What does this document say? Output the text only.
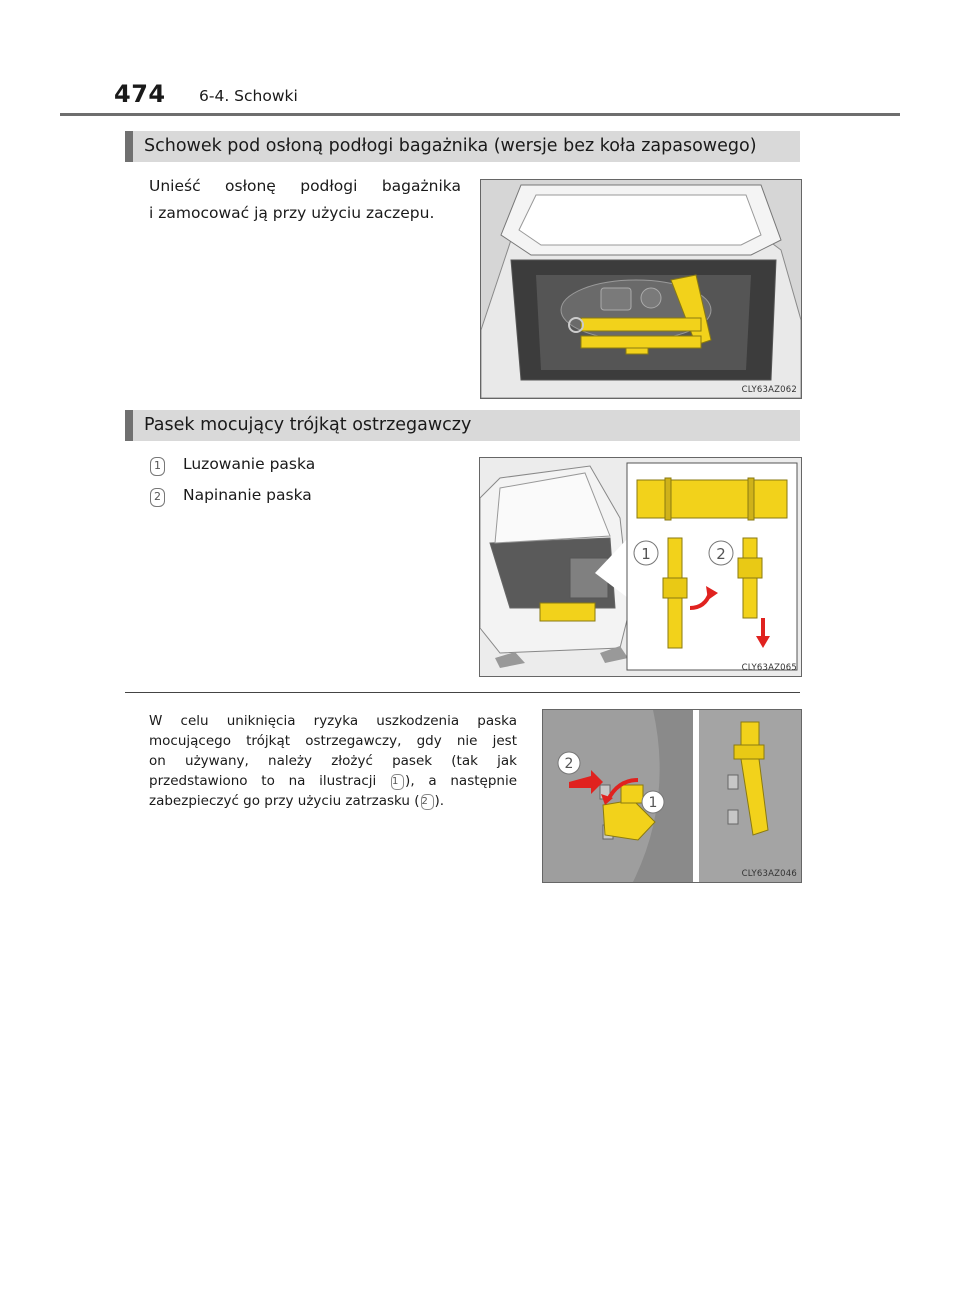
474 6-4. Schowki
Schowek pod osłoną podłogi bagażnika (wersje bez koła zapasowego)
Unieść osłonę podłogi bagażnika
i zamocować ją przy użyciu zaczepu.
CLY63AZ062
Pasek mocujący trójkąt ostrzegawczy
1 Luzowanie paska
2 Napinanie paska
1	2
CLY63AZ065
W celu uniknięcia ryzyka uszkodzenia paska
mocującego trójkąt ostrzegawczy, gdy nie jest
on używany, należy złożyć pasek (tak jak
przedstawiono to na ilustracji 1 ), a następnie
zabezpieczyć go przy użyciu zatrzasku ( 2 ).
2
1
CLY63AZ046
